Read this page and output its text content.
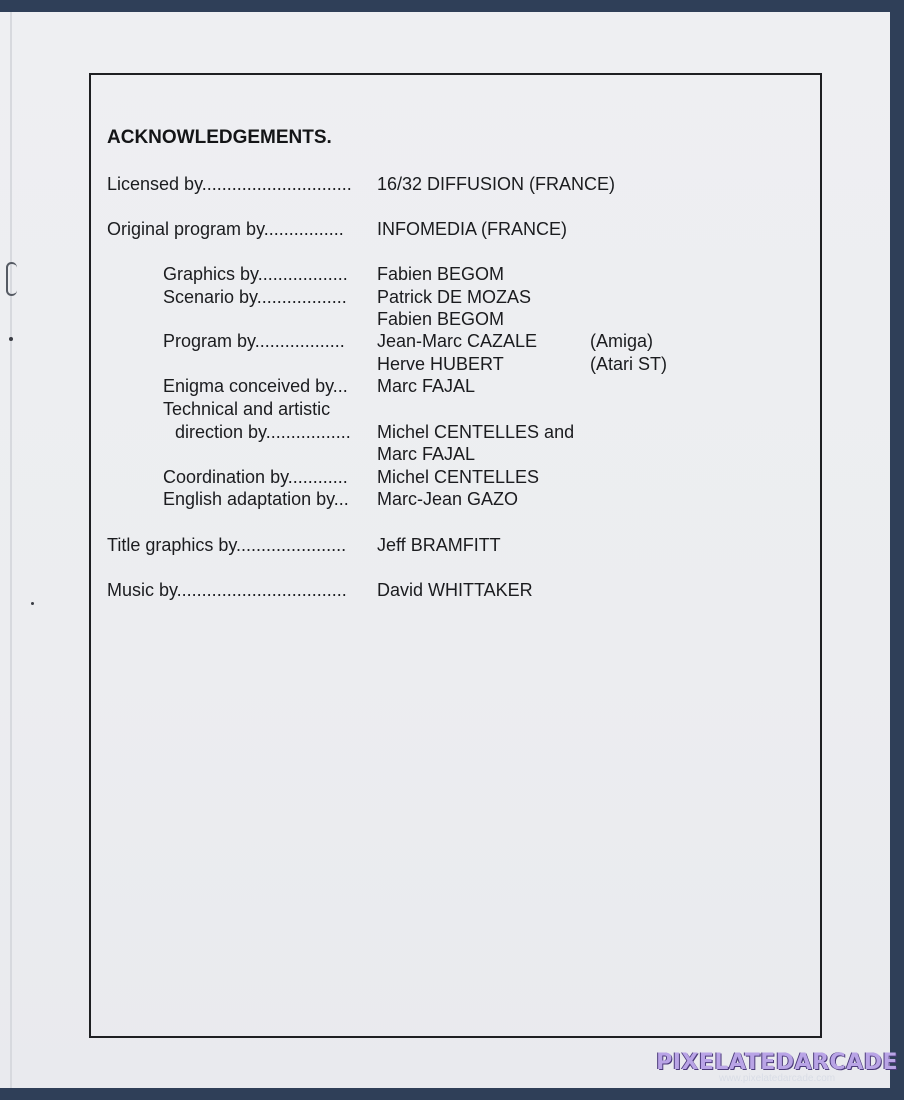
ACKNOWLEDGEMENTS.
Licensed by.............................. 16/32 DIFFUSION (FRANCE)
Original program by................ INFOMEDIA (FRANCE)
Graphics by.................. Fabien BEGOM
Scenario by.................. Patrick DE MOZAS
Fabien BEGOM
Program by.................. Jean-Marc CAZALE	(Amiga)
Herve HUBERT	(Atari ST)
Enigma conceived by... Marc FAJAL
Technical and artistic
direction by................. Michel CENTELLES and
Marc FAJAL
Coordination by............ Michel CENTELLES
English adaptation by... Marc-Jean GAZO
Title graphics by...................... Jeff BRAMFITT
Music by.................................. David WHITTAKER
PIXELATEDARCADE
www.pixelatedarcade.com
